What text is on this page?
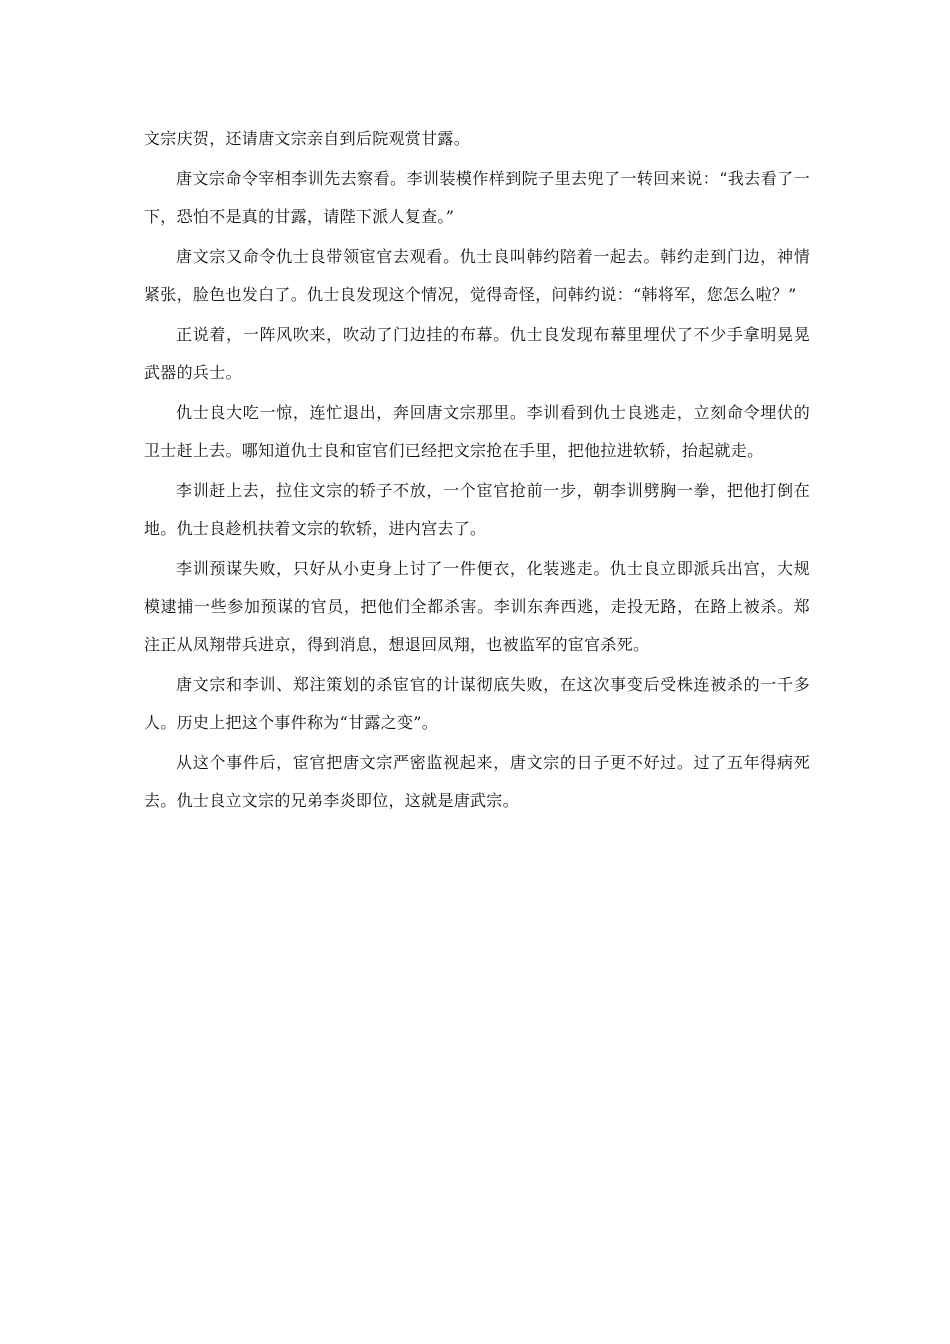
文宗庆贺，还请唐文宗亲自到后院观赏甘露。

唐文宗命令宰相李训先去察看。李训装模作样到院子里去兜了一转回来说：“我去看了一下，恐怕不是真的甘露，请陛下派人复查。”

唐文宗又命令仇士良带领宦官去观看。仇士良叫韩约陪着一起去。韩约走到门边，神情紧张，脸色也发白了。仇士良发现这个情况，觉得奇怪，问韩约说：“韩将军，您怎么啦？”

正说着，一阵风吹来，吹动了门边挂的布幕。仇士良发现布幕里埋伏了不少手拿明晃晃武器的兵士。

仇士良大吃一惊，连忙退出，奔回唐文宗那里。李训看到仇士良逃走，立刻命令埋伏的卫士赶上去。哪知道仇士良和宦官们已经把文宗抢在手里，把他拉进软轿，抬起就走。

李训赶上去，拉住文宗的轿子不放，一个宦官抢前一步，朝李训劈胸一拳，把他打倒在地。仇士良趁机扶着文宗的软轿，进内宫去了。

李训预谋失败，只好从小吏身上讨了一件便衣，化装逃走。仇士良立即派兵出宫，大规模逮捕一些参加预谋的官员，把他们全都杀害。李训东奔西逃，走投无路，在路上被杀。郑注正从凤翔带兵进京，得到消息，想退回凤翔，也被监军的宦官杀死。

唐文宗和李训、郑注策划的杀宦官的计谋彻底失败，在这次事变后受株连被杀的一千多人。历史上把这个事件称为“甘露之变”。

从这个事件后，宦官把唐文宗严密监视起来，唐文宗的日子更不好过。过了五年得病死去。仇士良立文宗的兄弟李炎即位，这就是唐武宗。
